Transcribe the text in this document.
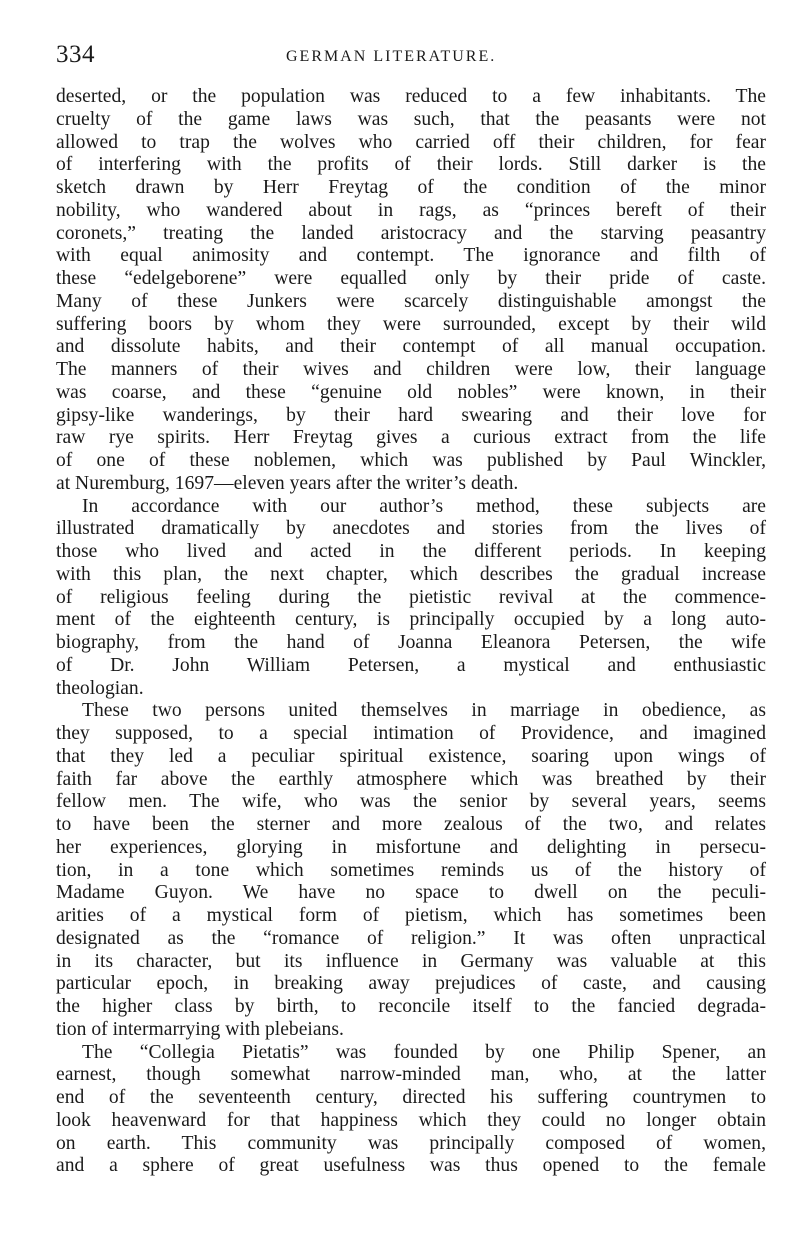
334	GERMAN LITERATURE.
deserted, or the population was reduced to a few inhabitants. The
cruelty of the game laws was such, that the peasants were not
allowed to trap the wolves who carried off their children, for fear
of interfering with the profits of their lords. Still darker is the
sketch drawn by Herr Freytag of the condition of the minor
nobility, who wandered about in rags, as “princes bereft of their
coronets,” treating the landed aristocracy and the starving peasantry
with equal animosity and contempt. The ignorance and filth of
these “edelgeborene” were equalled only by their pride of caste.
Many of these Junkers were scarcely distinguishable amongst the
suffering boors by whom they were surrounded, except by their wild
and dissolute habits, and their contempt of all manual occupation.
The manners of their wives and children were low, their language
was coarse, and these “genuine old nobles” were known, in their
gipsy-like wanderings, by their hard swearing and their love for
raw rye spirits. Herr Freytag gives a curious extract from the life
of one of these noblemen, which was published by Paul Winckler,
at Nuremburg, 1697—eleven years after the writer’s death.
In accordance with our author’s method, these subjects are
illustrated dramatically by anecdotes and stories from the lives of
those who lived and acted in the different periods. In keeping
with this plan, the next chapter, which describes the gradual increase
of religious feeling during the pietistic revival at the commence-
ment of the eighteenth century, is principally occupied by a long auto-
biography, from the hand of Joanna Eleanora Petersen, the wife
of Dr. John William Petersen, a mystical and enthusiastic
theologian.
These two persons united themselves in marriage in obedience, as
they supposed, to a special intimation of Providence, and imagined
that they led a peculiar spiritual existence, soaring upon wings of
faith far above the earthly atmosphere which was breathed by their
fellow men. The wife, who was the senior by several years, seems
to have been the sterner and more zealous of the two, and relates
her experiences, glorying in misfortune and delighting in persecu-
tion, in a tone which sometimes reminds us of the history of
Madame Guyon. We have no space to dwell on the peculi-
arities of a mystical form of pietism, which has sometimes been
designated as the “romance of religion.” It was often unpractical
in its character, but its influence in Germany was valuable at this
particular epoch, in breaking away prejudices of caste, and causing
the higher class by birth, to reconcile itself to the fancied degrada-
tion of intermarrying with plebeians.
The “Collegia Pietatis” was founded by one Philip Spener, an
earnest, though somewhat narrow-minded man, who, at the latter
end of the seventeenth century, directed his suffering countrymen to
look heavenward for that happiness which they could no longer obtain
on earth. This community was principally composed of women,
and a sphere of great usefulness was thus opened to the female
